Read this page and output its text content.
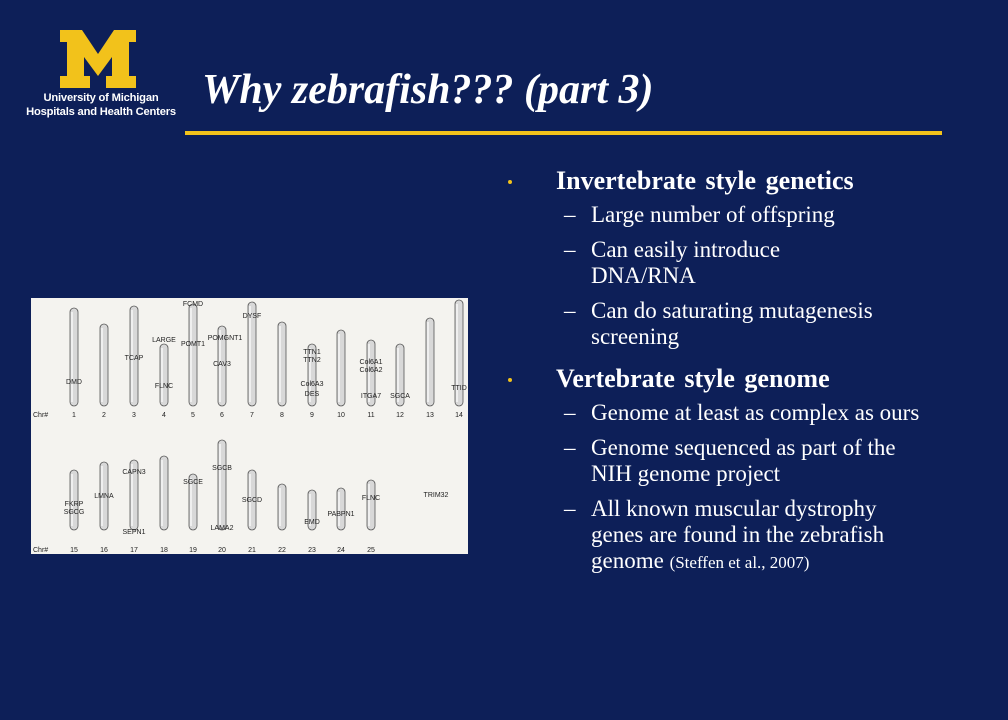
University of Michigan
Hospitals and Health Centers Why zebrafish??? (part 3)
DMD
TCAP
LARGE
FLNC
FCMD
POMT1
POMGNT1
CAV3
DYSF
TTN1
TTN2
Col6A3
DES
Col6A1
Col6A2
ITGA7 SGCA
TTID
FKRP
SGCG
LMNA
CAPN3
SEPN1
SGCE
SGCB
LAMA2
SGCD
EMD
PABPN1
FLNC
Chr#	1	2	3	4	5	6	7	8	9	10	11	12	13	14
Chr#	15	16	17	18	19	20	21	22	23	24	25
TRIM32
Invertebrate style genetics
– Large number of offspring
– Can easily introduce DNA/RNA
– Can do saturating mutagenesis screening
Vertebrate style genome
– Genome at least as complex as ours
– Genome sequenced as part of the NIH genome project
– All known muscular dystrophy genes are found in the zebrafish genome (Steffen et al., 2007)
